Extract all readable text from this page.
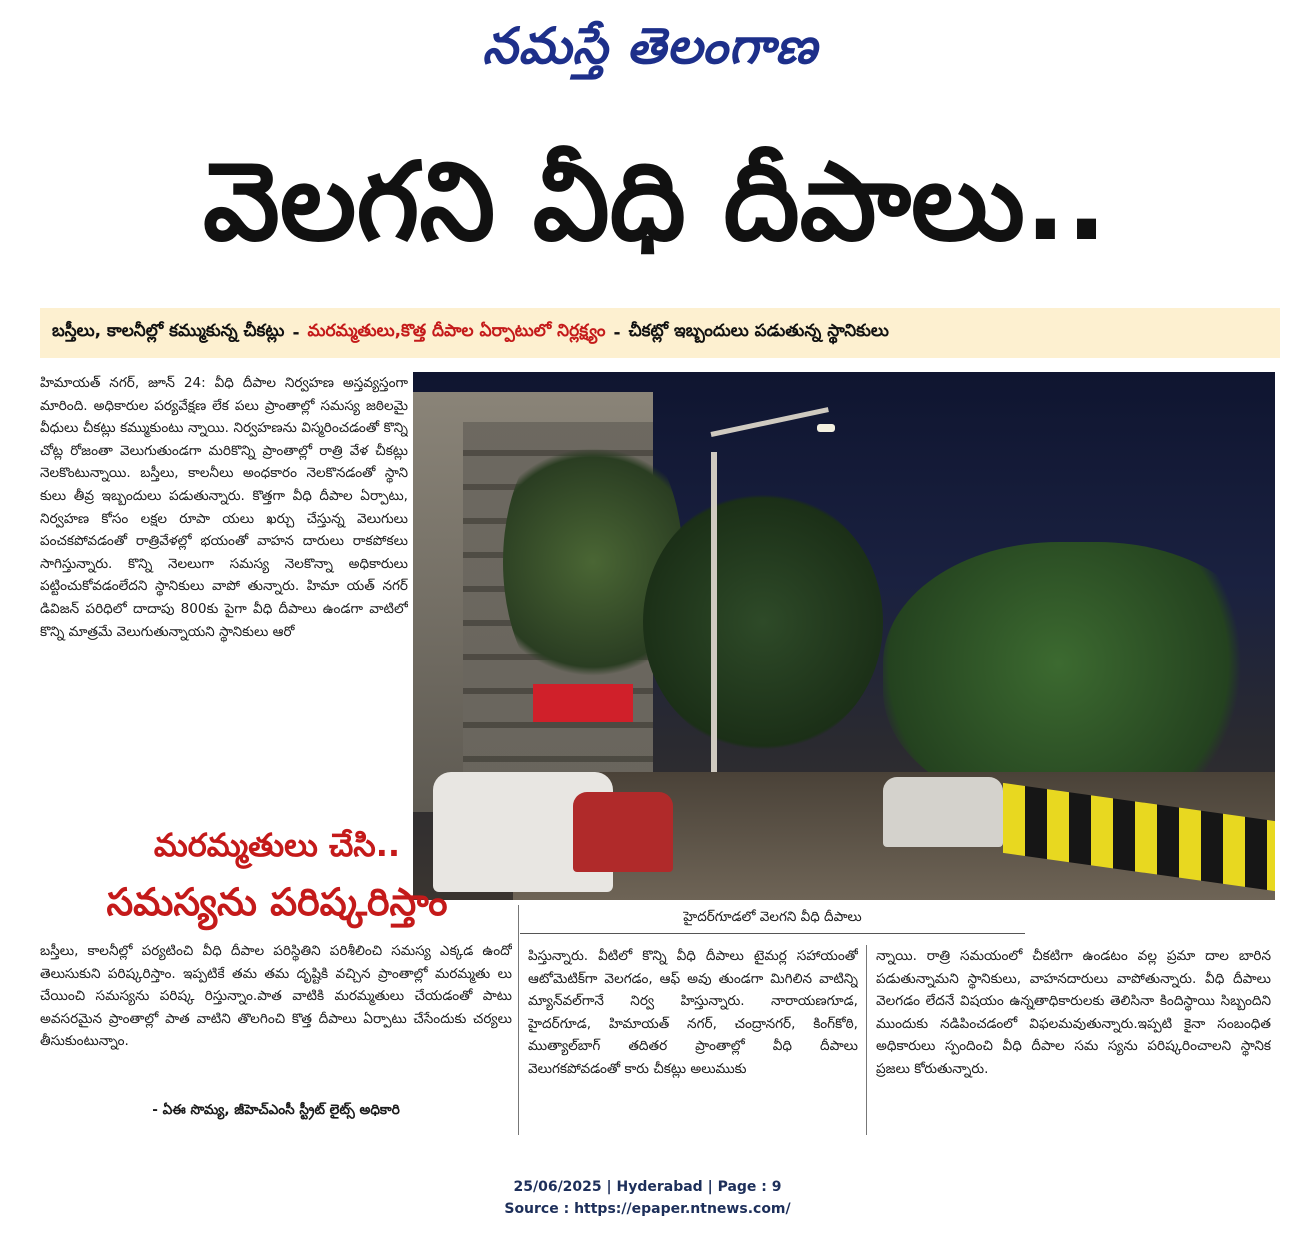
నమస్తే తెలంగాణ
వెలగని వీధి దీపాలు..
బస్తీలు, కాలనీల్లో కమ్ముకున్న చీకట్లు - మరమ్మతులు,కొత్త దీపాల ఏర్పాటులో నిర్లక్ష్యం - చీకట్లో ఇబ్బందులు పడుతున్న స్థానికులు
హిమాయత్ నగర్, జూన్ 24: వీధి దీపాల నిర్వహణ అస్తవ్యస్తంగా మారింది. అధికారుల పర్యవేక్షణ లేక పలు ప్రాంతాల్లో సమస్య జఠిలమై వీధులు చీకట్లు కమ్ముకుంటు న్నాయి. నిర్వహణను విస్మరించడంతో కొన్ని చోట్ల రోజంతా వెలుగుతుండగా మరికొన్ని ప్రాంతాల్లో రాత్రి వేళ చీకట్లు నెలకొంటున్నాయి. బస్తీలు, కాలనీలు అంధకారం నెలకొనడంతో స్థాని కులు తీవ్ర ఇబ్బందులు పడుతున్నారు. కొత్తగా వీధి దీపాల ఏర్పాటు, నిర్వహణ కోసం లక్షల రూపా యలు ఖర్చు చేస్తున్న వెలుగులు పంచకపోవడంతో రాత్రివేళల్లో భయంతో వాహన దారులు రాకపోకలు సాగిస్తున్నారు. కొన్ని నెలలుగా సమస్య నెలకొన్నా అధికారులు పట్టించుకోవడంలేదని స్థానికులు వాపో తున్నారు. హిమా యత్ నగర్ డివిజన్ పరిధిలో దాదాపు 800కు పైగా వీధి దీపాలు ఉండగా వాటిలో కొన్ని మాత్రమే వెలుగుతున్నాయని స్థానికులు ఆరో
హైదర్‌గూడలో వెలగని వీధి దీపాలు
మరమ్మతులు చేసి..
సమస్యను పరిష్కరిస్తాం
బస్తీలు, కాలనీల్లో పర్యటించి వీధి దీపాల పరిస్థితిని పరిశీలించి సమస్య ఎక్కడ ఉందో తెలుసుకుని పరిష్కరిస్తాం. ఇప్పటికే తమ తమ దృష్టికి వచ్చిన ప్రాంతాల్లో మరమ్మతు లు చేయించి సమస్యను పరిష్క రిస్తున్నాం.పాత వాటికి మరమ్మతులు చేయడంతో పాటు అవసరమైన ప్రాంతాల్లో పాత వాటిని తొలగించి కొత్త దీపాలు ఏర్పాటు చేసేందుకు చర్యలు తీసుకుంటున్నాం.
- ఏఈ సొమ్య, జీహెచ్‌ఎంసీ స్ట్రీట్ లైట్స్ అధికారి
పిస్తున్నారు. వీటిలో కొన్ని వీధి దీపాలు టైమర్ల సహాయంతో ఆటోమెటిక్‌గా వెలగడం, ఆఫ్ అవు తుండగా మిగిలిన వాటిన్ని మ్యాన్‌వల్‌గానే నిర్వ హిస్తున్నారు. నారాయణగూడ, హైదర్‌గూడ, హిమాయత్ నగర్, చంద్రానగర్, కింగ్‌కోఠి, ముత్యాల్‌బాగ్ తదితర ప్రాంతాల్లో వీధి దీపాలు వెలుగకపోవడంతో కారు చీకట్లు అలుముకు
న్నాయి. రాత్రి సమయంలో చీకటిగా ఉండటం వల్ల ప్రమా దాల బారిన పడుతున్నామని స్థానికులు, వాహనదారులు వాపోతున్నారు. వీధి దీపాలు వెలగడం లేదనే విషయం ఉన్నతాధికారులకు తెలిసినా కిందిస్థాయి సిబ్బందిని ముందుకు నడిపించడంలో విఫలమవుతున్నారు.ఇప్పటి కైనా సంబంధిత అధికారులు స్పందించి వీధి దీపాల సమ స్యను పరిష్కరించాలని స్థానిక ప్రజలు కోరుతున్నారు.
25/06/2025 | Hyderabad | Page : 9
Source : https://epaper.ntnews.com/
